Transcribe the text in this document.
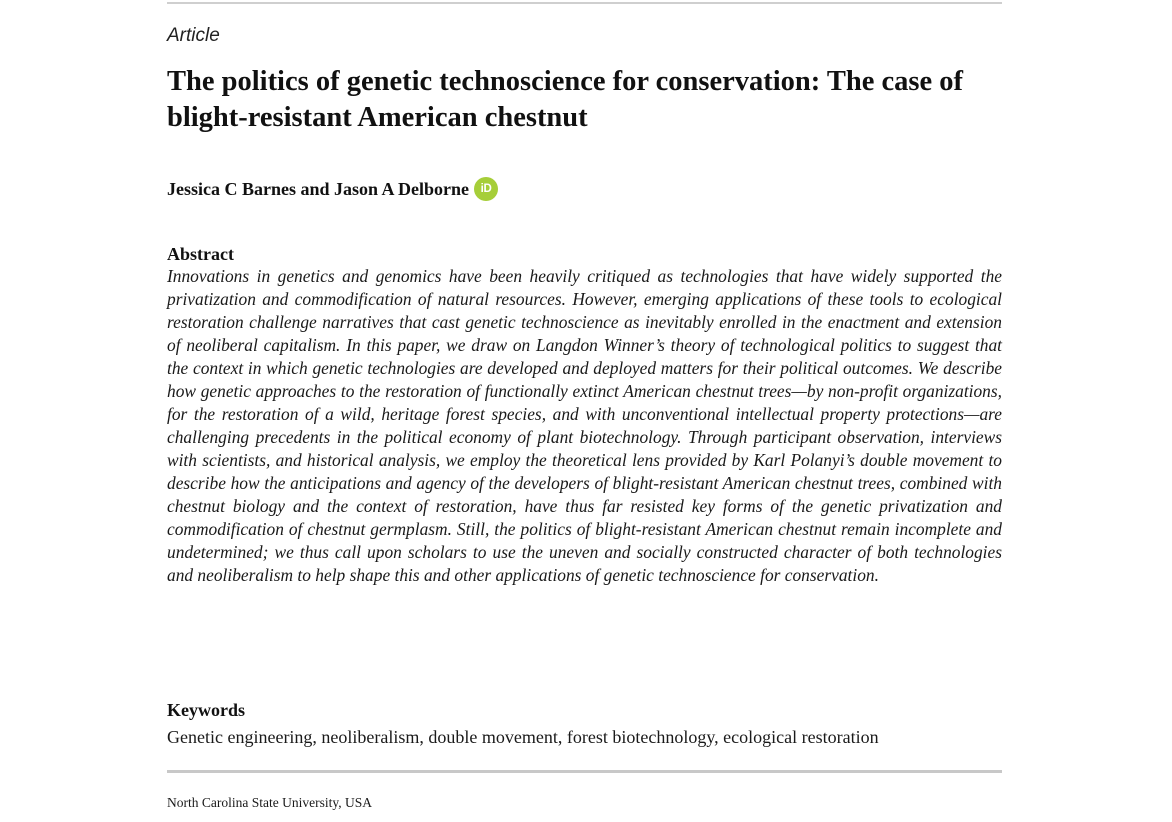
Article
The politics of genetic technoscience for conservation: The case of blight-resistant American chestnut
Jessica C Barnes and Jason A Delborne	iD
Abstract

Innovations in genetics and genomics have been heavily critiqued as technologies that have widely supported the privatization and commodification of natural resources. However, emerging applications of these tools to ecological restoration challenge narratives that cast genetic technoscience as inevitably enrolled in the enactment and extension of neoliberal capitalism. In this paper, we draw on Langdon Winner’s theory of technological politics to suggest that the context in which genetic technologies are developed and deployed matters for their political outcomes. We describe how genetic approaches to the restoration of functionally extinct American chestnut trees—by non-profit organizations, for the restoration of a wild, heritage forest species, and with unconventional intellectual property protections—are challenging precedents in the political economy of plant biotechnology. Through participant observation, interviews with scientists, and historical analysis, we employ the theoretical lens provided by Karl Polanyi’s double movement to describe how the anticipations and agency of the developers of blight-resistant American chestnut trees, combined with chestnut biology and the context of restoration, have thus far resisted key forms of the genetic privatization and commodification of chestnut germplasm. Still, the politics of blight-resistant American chestnut remain incomplete and undetermined; we thus call upon scholars to use the uneven and socially constructed character of both technologies and neoliberalism to help shape this and other applications of genetic technoscience for conservation.

Keywords
Genetic engineering, neoliberalism, double movement, forest biotechnology, ecological restoration
North Carolina State University, USA
